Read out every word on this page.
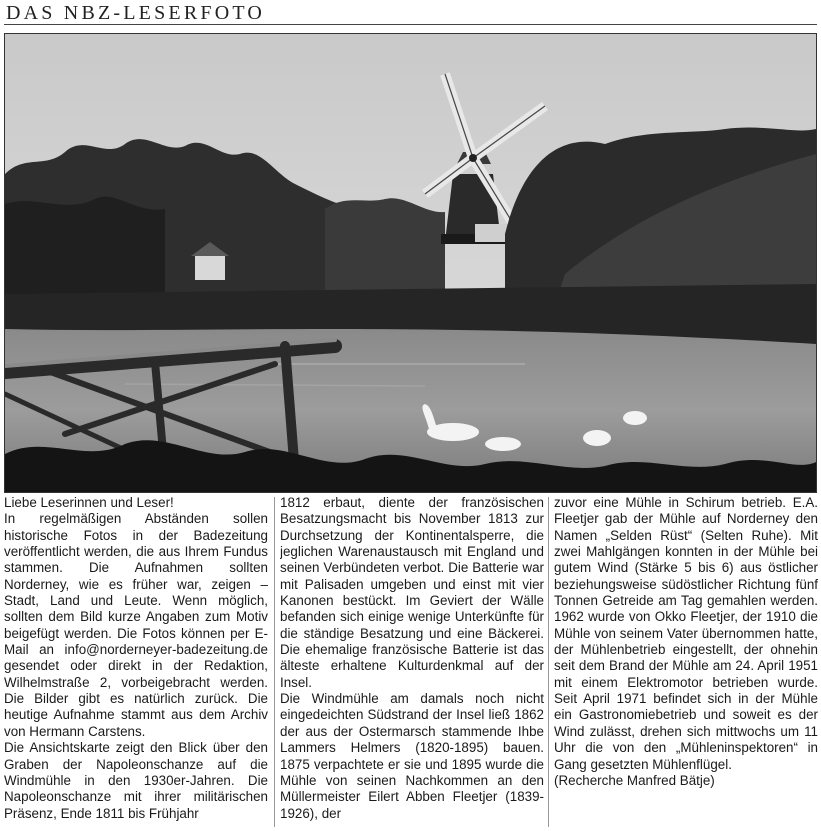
DAS NBZ-LESERFOTO

Liebe Leserinnen und Leser!

In regelmäßigen Abständen sollen historische Fotos in der Badezeitung veröffentlicht werden, die aus Ihrem Fundus stammen. Die Aufnahmen sollten Norderney, wie es früher war, zeigen – Stadt, Land und Leute. Wenn möglich, sollten dem Bild kurze Angaben zum Motiv beigefügt werden. Die Fotos können per E-Mail an info@norderneyer-badezeitung.de gesendet oder direkt in der Redaktion, Wilhelmstraße 2, vorbeigebracht werden. Die Bilder gibt es natürlich zurück. Die heutige Aufnahme stammt aus dem Archiv von Hermann Carstens.

Die Ansichtskarte zeigt den Blick über den Graben der Napoleonschanze auf die Windmühle in den 1930er-Jahren. Die Napoleonschanze mit ihrer militärischen Präsenz, Ende 1811 bis Frühjahr

1812 erbaut, diente der französischen Besatzungsmacht bis November 1813 zur Durchsetzung der Kontinentalsperre, die jeglichen Warenaustausch mit England und seinen Verbündeten verbot. Die Batterie war mit Palisaden umgeben und einst mit vier Kanonen bestückt. Im Geviert der Wälle befanden sich einige wenige Unterkünfte für die ständige Besatzung und eine Bäckerei. Die ehemalige französische Batterie ist das älteste erhaltene Kulturdenkmal auf der Insel.

Die Windmühle am damals noch nicht eingedeichten Südstrand der Insel ließ 1862 der aus der Ostermarsch stammende Ihbe Lammers Helmers (1820-1895) bauen. 1875 verpachtete er sie und 1895 wurde die Mühle von seinen Nachkommen an den Müllermeister Eilert Abben Fleetjer (1839-1926), der

zuvor eine Mühle in Schirum betrieb. E.A. Fleetjer gab der Mühle auf Norderney den Namen „Selden Rüst“ (Selten Ruhe). Mit zwei Mahlgängen konnten in der Mühle bei gutem Wind (Stärke 5 bis 6) aus östlicher beziehungsweise südöstlicher Richtung fünf Tonnen Getreide am Tag gemahlen werden. 1962 wurde von Okko Fleetjer, der 1910 die Mühle von seinem Vater übernommen hatte, der Mühlenbetrieb eingestellt, der ohnehin seit dem Brand der Mühle am 24. April 1951 mit einem Elektromotor betrieben wurde. Seit April 1971 befindet sich in der Mühle ein Gastronomiebetrieb und soweit es der Wind zulässt, drehen sich mittwochs um 11 Uhr die von den „Mühleninspektoren“ in Gang gesetzten Mühlenflügel.

(Recherche Manfred Bätje)
